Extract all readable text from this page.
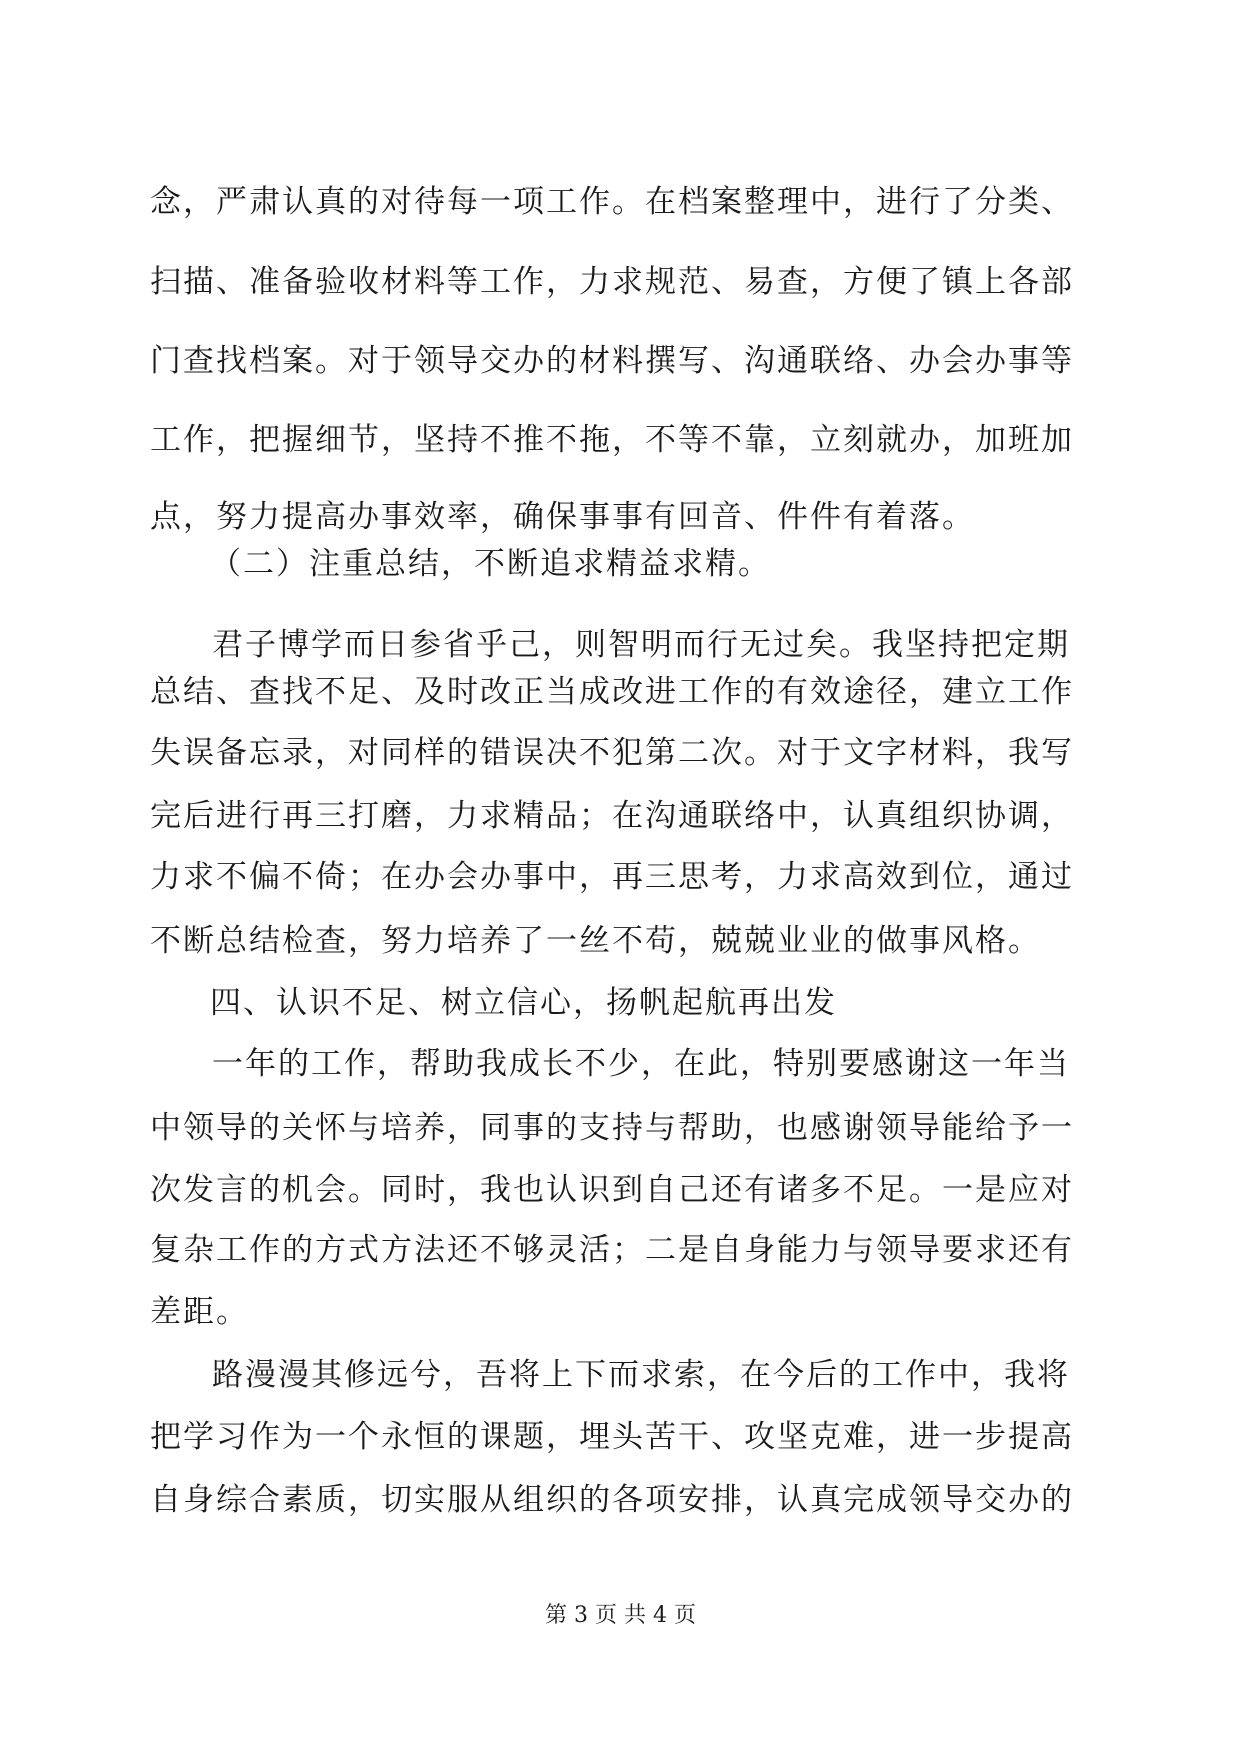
念，严肃认真的对待每一项工作。在档案整理中，进行了分类、
扫描、准备验收材料等工作，力求规范、易查，方便了镇上各部
门查找档案。对于领导交办的材料撰写、沟通联络、办会办事等
工作，把握细节，坚持不推不拖，不等不靠，立刻就办，加班加
点，努力提高办事效率，确保事事有回音、件件有着落。
（二）注重总结，不断追求精益求精。
君子博学而日参省乎己，则智明而行无过矣。我坚持把定期
总结、查找不足、及时改正当成改进工作的有效途径，建立工作
失误备忘录，对同样的错误决不犯第二次。对于文字材料，我写
完后进行再三打磨，力求精品；在沟通联络中，认真组织协调，
力求不偏不倚；在办会办事中，再三思考，力求高效到位，通过
不断总结检查，努力培养了一丝不苟，兢兢业业的做事风格。
四、认识不足、树立信心，扬帆起航再出发
一年的工作，帮助我成长不少，在此，特别要感谢这一年当
中领导的关怀与培养，同事的支持与帮助，也感谢领导能给予一
次发言的机会。同时，我也认识到自己还有诸多不足。一是应对
复杂工作的方式方法还不够灵活；二是自身能力与领导要求还有
差距。
路漫漫其修远兮，吾将上下而求索，在今后的工作中，我将
把学习作为一个永恒的课题，埋头苦干、攻坚克难，进一步提高
自身综合素质，切实服从组织的各项安排，认真完成领导交办的
第 3 页 共 4 页
